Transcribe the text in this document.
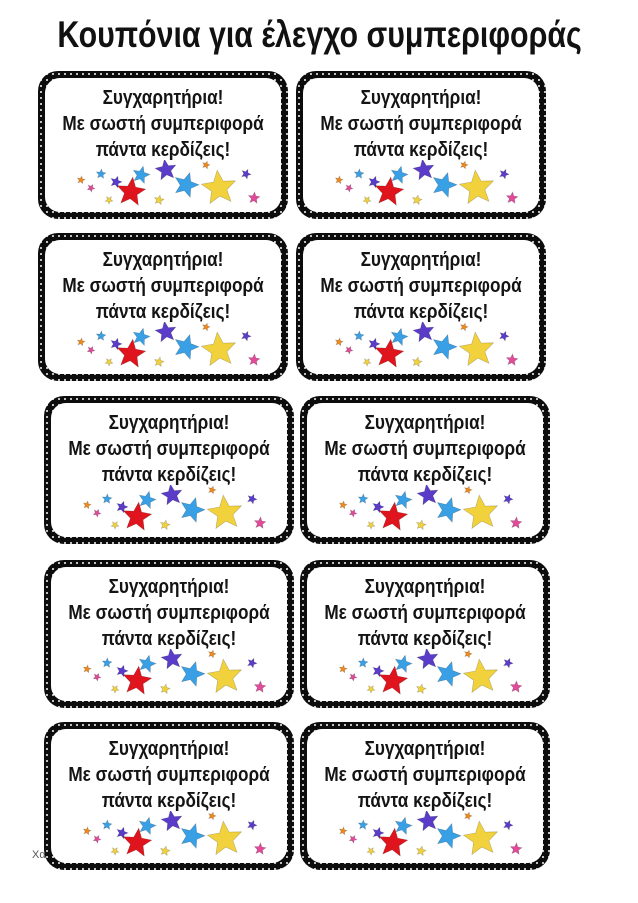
Κουπόνια για έλεγχο συμπεριφοράς
Συγχαρητήρια!
Με σωστή συμπεριφορά
πάντα κερδίζεις!
Συγχαρητήρια!
Με σωστή συμπεριφορά
πάντα κερδίζεις!
Συγχαρητήρια!
Με σωστή συμπεριφορά
πάντα κερδίζεις!
Συγχαρητήρια!
Με σωστή συμπεριφορά
πάντα κερδίζεις!
Συγχαρητήρια!
Με σωστή συμπεριφορά
πάντα κερδίζεις!
Συγχαρητήρια!
Με σωστή συμπεριφορά
πάντα κερδίζεις!
Συγχαρητήρια!
Με σωστή συμπεριφορά
πάντα κερδίζεις!
Συγχαρητήρια!
Με σωστή συμπεριφορά
πάντα κερδίζεις!
Συγχαρητήρια!
Με σωστή συμπεριφορά
πάντα κερδίζεις!
Συγχαρητήρια!
Με σωστή συμπεριφορά
πάντα κερδίζεις!
Χα
